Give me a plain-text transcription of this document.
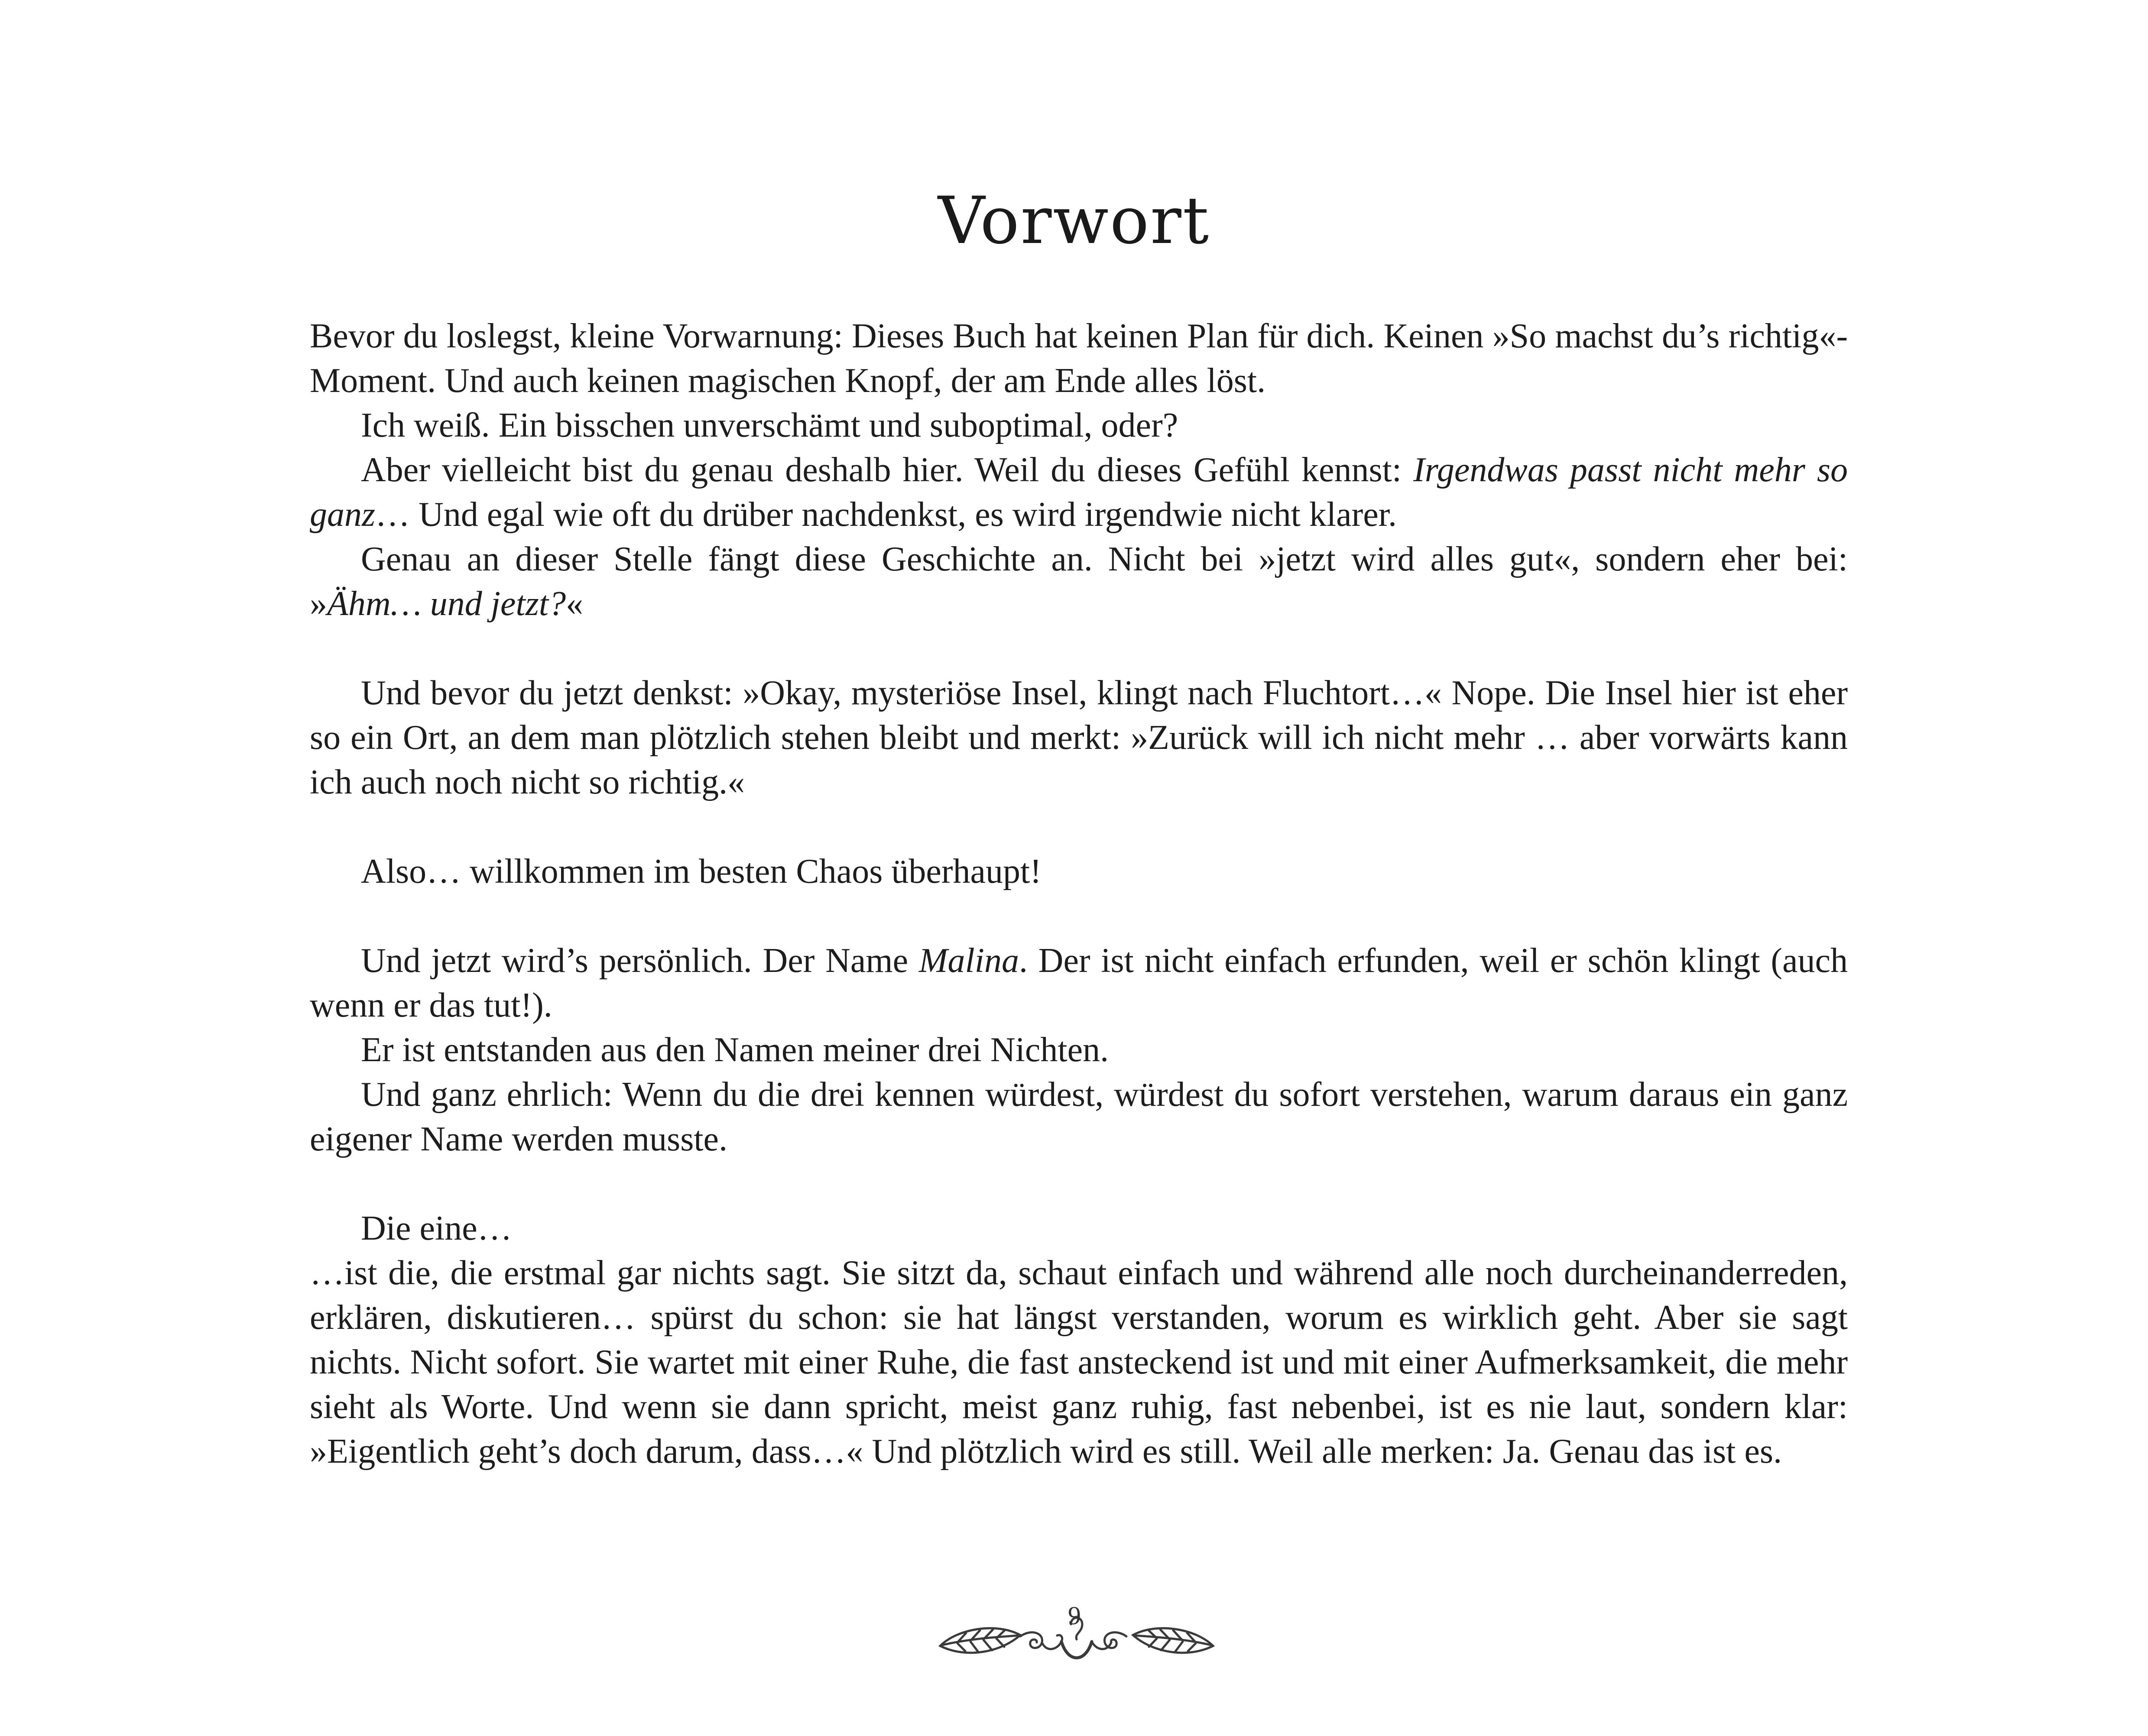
Vorwort

Bevor du loslegst, kleine Vorwarnung: Dieses Buch hat keinen Plan für dich. Keinen »So machst du’s richtig«-Moment. Und auch keinen magischen Knopf, der am Ende alles löst.

Ich weiß. Ein bisschen unverschämt und suboptimal, oder?

Aber vielleicht bist du genau deshalb hier. Weil du dieses Gefühl kennst: Irgendwas passt nicht mehr so ganz… Und egal wie oft du drüber nachdenkst, es wird irgendwie nicht klarer.

Genau an dieser Stelle fängt diese Geschichte an. Nicht bei »jetzt wird alles gut«, sondern eher bei: »Ähm… und jetzt?«

Und bevor du jetzt denkst: »Okay, mysteriöse Insel, klingt nach Fluchtort…« Nope. Die Insel hier ist eher so ein Ort, an dem man plötzlich stehen bleibt und merkt: »Zurück will ich nicht mehr … aber vorwärts kann ich auch noch nicht so richtig.«

Also… willkommen im besten Chaos überhaupt!

Und jetzt wird’s persönlich. Der Name Malina. Der ist nicht einfach erfunden, weil er schön klingt (auch wenn er das tut!).

Er ist entstanden aus den Namen meiner drei Nichten.

Und ganz ehrlich: Wenn du die drei kennen würdest, würdest du sofort verstehen, warum daraus ein ganz eigener Name werden musste.

Die eine…

…ist die, die erstmal gar nichts sagt. Sie sitzt da, schaut einfach und während alle noch durcheinanderreden, erklären, diskutieren… spürst du schon: sie hat längst verstanden, worum es wirklich geht. Aber sie sagt nichts. Nicht sofort. Sie wartet mit einer Ruhe, die fast ansteckend ist und mit einer Aufmerksamkeit, die mehr sieht als Worte. Und wenn sie dann spricht, meist ganz ruhig, fast nebenbei, ist es nie laut, sondern klar: »Eigentlich geht’s doch darum, dass…« Und plötzlich wird es still. Weil alle merken: Ja. Genau das ist es.

9
